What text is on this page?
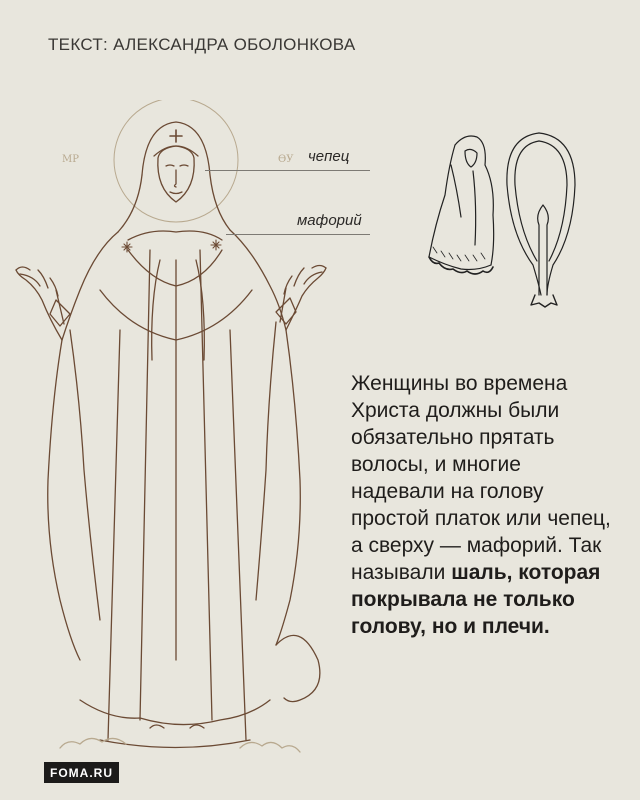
ТЕКСТ: АЛЕКСАНДРА ОБОЛОНКОВА
МР	ѲУ чепец
мафорий
Женщины во времена Христа должны были обязательно прятать волосы, и многие надевали на голову простой платок или чепец, а сверху — мафорий. Так называли шаль, которая покрывала не только голову, но и плечи.
FOMA.RU
